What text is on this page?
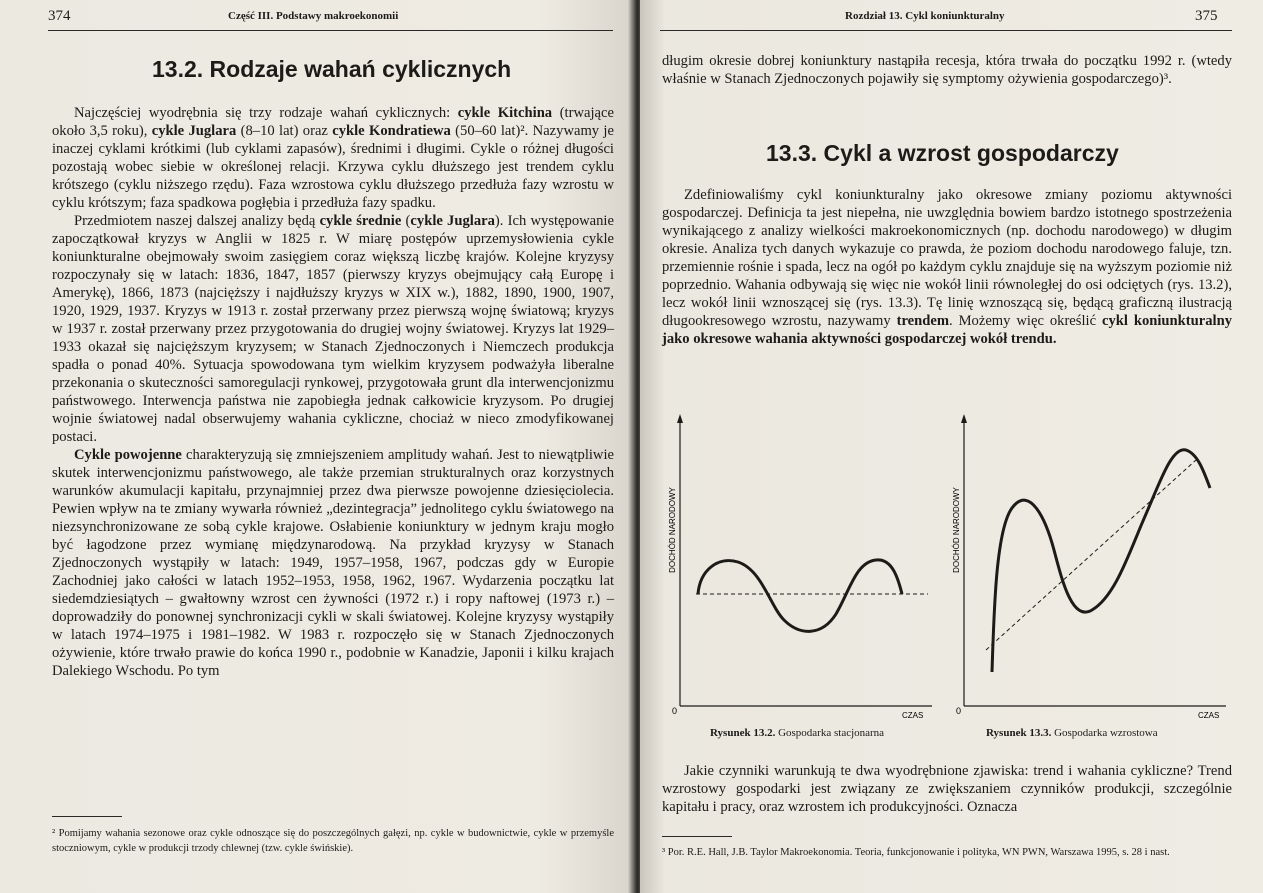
374	Część III. Podstawy makroekonomii
13.2. Rodzaje wahań cyklicznych

Najczęściej wyodrębnia się trzy rodzaje wahań cyklicznych: cykle Kitchina (trwające około 3,5 roku), cykle Juglara (8–10 lat) oraz cykle Kondratiewa (50–60 lat)². Nazywamy je inaczej cyklami krótkimi (lub cyklami zapasów), średnimi i długimi. Cykle o różnej długości pozostają wobec siebie w określonej relacji. Krzywa cyklu dłuższego jest trendem cyklu krótszego (cyklu niższego rzędu). Faza wzrostowa cyklu dłuższego przedłuża fazy wzrostu w cyklu krótszym; faza spadkowa pogłębia i przedłuża fazy spadku.

Przedmiotem naszej dalszej analizy będą cykle średnie (cykle Juglara). Ich występowanie zapoczątkował kryzys w Anglii w 1825 r. W miarę postępów uprzemysłowienia cykle koniunkturalne obejmowały swoim zasięgiem coraz większą liczbę krajów. Kolejne kryzysy rozpoczynały się w latach: 1836, 1847, 1857 (pierwszy kryzys obejmujący całą Europę i Amerykę), 1866, 1873 (najcięższy i najdłuższy kryzys w XIX w.), 1882, 1890, 1900, 1907, 1920, 1929, 1937. Kryzys w 1913 r. został przerwany przez pierwszą wojnę światową; kryzys w 1937 r. został przerwany przez przygotowania do drugiej wojny światowej. Kryzys lat 1929–1933 okazał się najcięższym kryzysem; w Stanach Zjednoczonych i Niemczech produkcja spadła o ponad 40%. Sytuacja spowodowana tym wielkim kryzysem podważyła liberalne przekonania o skuteczności samoregulacji rynkowej, przygotowała grunt dla interwencjonizmu państwowego. Interwencja państwa nie zapobiegła jednak całkowicie kryzysom. Po drugiej wojnie światowej nadal obserwujemy wahania cykliczne, chociaż w nieco zmodyfikowanej postaci.

Cykle powojenne charakteryzują się zmniejszeniem amplitudy wahań. Jest to niewątpliwie skutek interwencjonizmu państwowego, ale także przemian strukturalnych oraz korzystnych warunków akumulacji kapitału, przynajmniej przez dwa pierwsze powojenne dziesięciolecia. Pewien wpływ na te zmiany wywarła również „dezintegracja” jednolitego cyklu światowego na niezsynchronizowane ze sobą cykle krajowe. Osłabienie koniunktury w jednym kraju mogło być łagodzone przez wymianę międzynarodową. Na przykład kryzysy w Stanach Zjednoczonych wystąpiły w latach: 1949, 1957–1958, 1967, podczas gdy w Europie Zachodniej jako całości w latach 1952–1953, 1958, 1962, 1967. Wydarzenia początku lat siedemdziesiątych – gwałtowny wzrost cen żywności (1972 r.) i ropy naftowej (1973 r.) – doprowadziły do ponownej synchronizacji cykli w skali światowej. Kolejne kryzysy wystąpiły w latach 1974–1975 i 1981–1982. W 1983 r. rozpoczęło się w Stanach Zjednoczonych ożywienie, które trwało prawie do końca 1990 r., podobnie w Kanadzie, Japonii i kilku krajach Dalekiego Wschodu. Po tym

² Pomijamy wahania sezonowe oraz cykle odnoszące się do poszczególnych gałęzi, np. cykle w budownictwie, cykle w przemyśle stoczniowym, cykle w produkcji trzody chlewnej (tzw. cykle świńskie).
Rozdział 13. Cykl koniunkturalny	375

długim okresie dobrej koniunktury nastąpiła recesja, która trwała do początku 1992 r. (wtedy właśnie w Stanach Zjednoczonych pojawiły się symptomy ożywienia gospodarczego)³.

13.3. Cykl a wzrost gospodarczy

Zdefiniowaliśmy cykl koniunkturalny jako okresowe zmiany poziomu aktywności gospodarczej. Definicja ta jest niepełna, nie uwzględnia bowiem bardzo istotnego spostrzeżenia wynikającego z analizy wielkości makroekonomicznych (np. dochodu narodowego) w długim okresie. Analiza tych danych wykazuje co prawda, że poziom dochodu narodowego faluje, tzn. przemiennie rośnie i spada, lecz na ogół po każdym cyklu znajduje się na wyższym poziomie niż poprzednio. Wahania odbywają się więc nie wokół linii równoległej do osi odciętych (rys. 13.2), lecz wokół linii wznoszącej się (rys. 13.3). Tę linię wznoszącą się, będącą graficzną ilustracją długookresowego wzrostu, nazywamy trendem. Możemy więc określić cykl koniunkturalny jako okresowe wahania aktywności gospodarczej wokół trendu.

DOCHÓD NARODOWY
0	CZAS
Rysunek 13.2. Gospodarka stacjonarna
DOCHÓD NARODOWY
0	CZAS
Rysunek 13.3. Gospodarka wzrostowa

Jakie czynniki warunkują te dwa wyodrębnione zjawiska: trend i wahania cykliczne? Trend wzrostowy gospodarki jest związany ze zwiększaniem czynników produkcji, szczególnie kapitału i pracy, oraz wzrostem ich produkcyjności. Oznacza

³ Por. R.E. Hall, J.B. Taylor Makroekonomia. Teoria, funkcjonowanie i polityka, WN PWN, Warszawa 1995, s. 28 i nast.
